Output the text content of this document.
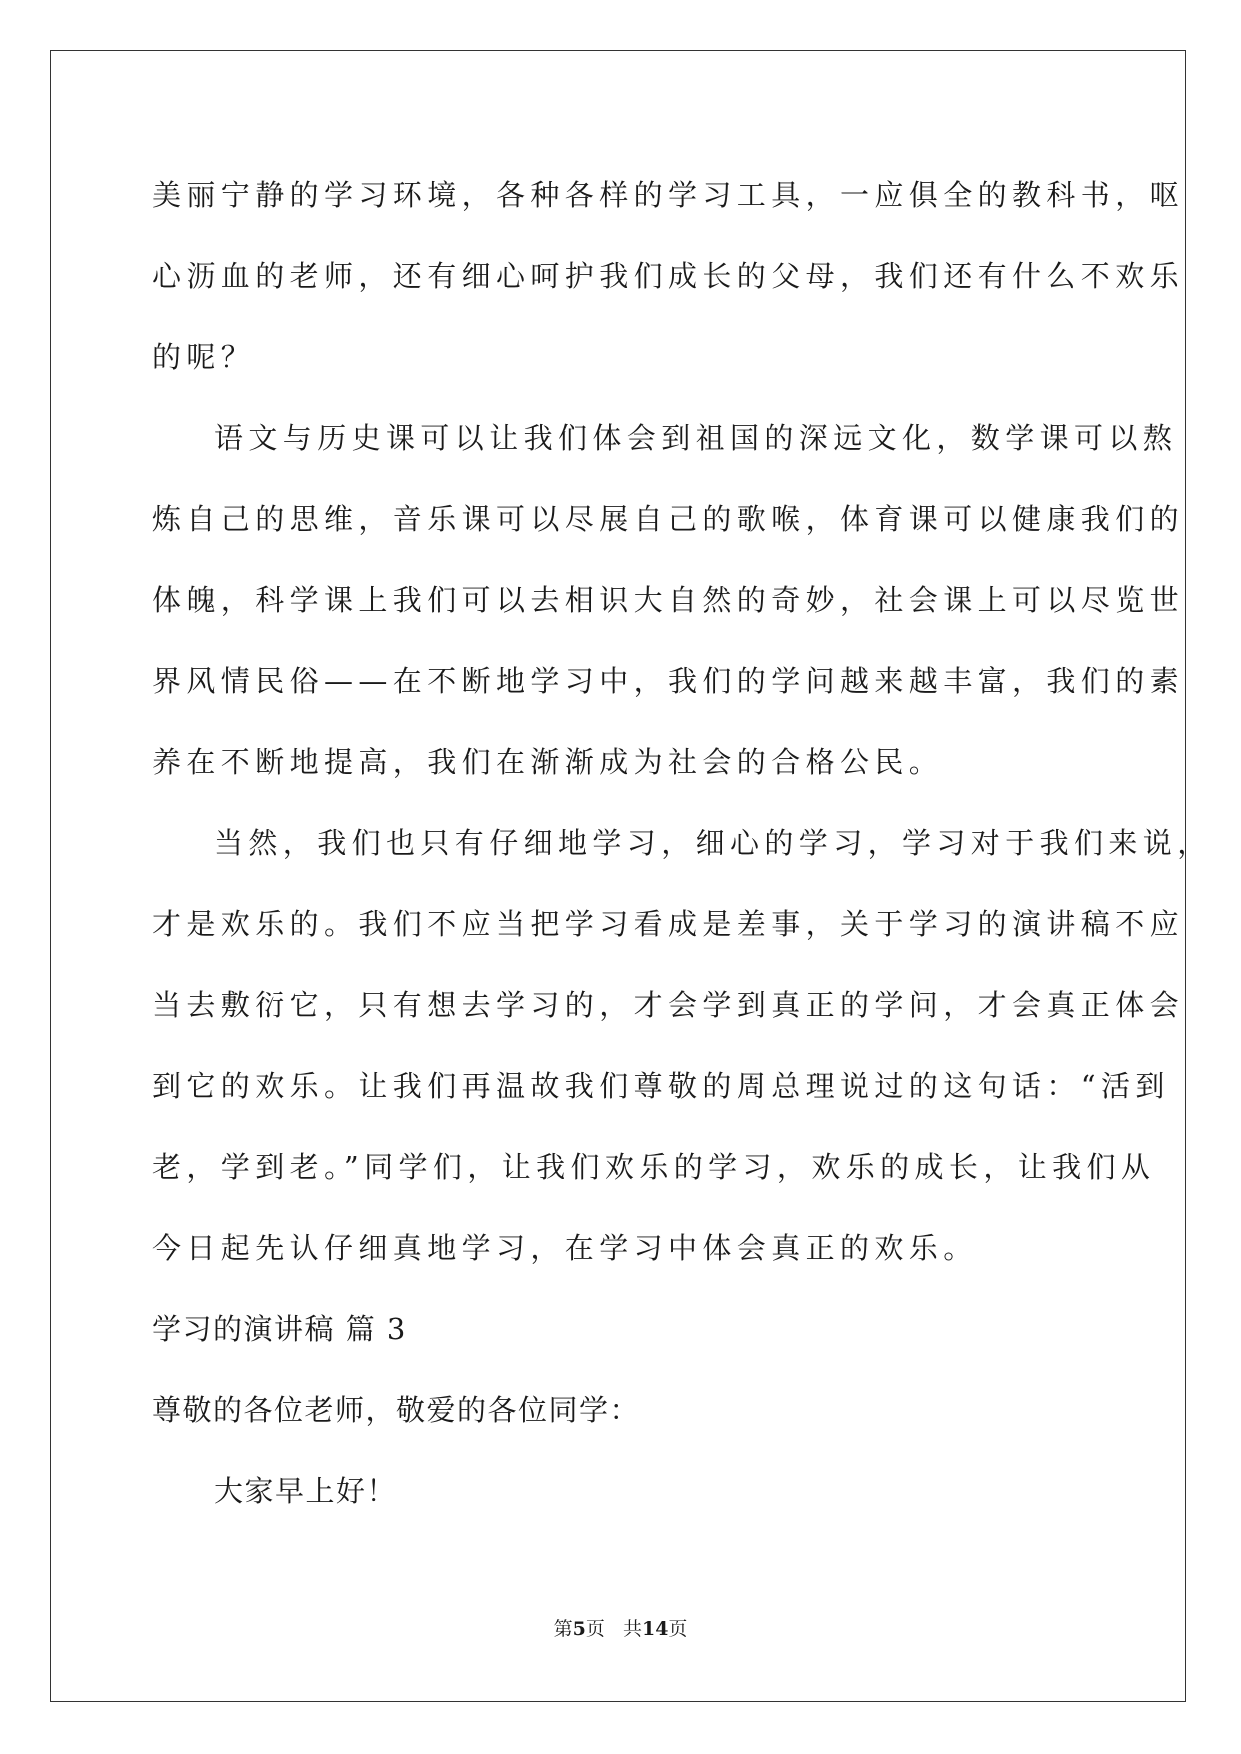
美丽宁静的学习环境，各种各样的学习工具，一应俱全的教科书，呕
心沥血的老师，还有细心呵护我们成长的父母，我们还有什么不欢乐
的呢？
语文与历史课可以让我们体会到祖国的深远文化，数学课可以熬
炼自己的思维，音乐课可以尽展自己的歌喉，体育课可以健康我们的
体魄，科学课上我们可以去相识大自然的奇妙，社会课上可以尽览世
界风情民俗——在不断地学习中，我们的学问越来越丰富，我们的素
养在不断地提高，我们在渐渐成为社会的合格公民。
当然，我们也只有仔细地学习，细心的学习，学习对于我们来说，
才是欢乐的。我们不应当把学习看成是差事，关于学习的演讲稿不应
当去敷衍它，只有想去学习的，才会学到真正的学问，才会真正体会
到它的欢乐。让我们再温故我们尊敬的周总理说过的这句话：“活到
老，学到老。”同学们，让我们欢乐的学习，欢乐的成长，让我们从
今日起先认仔细真地学习，在学习中体会真正的欢乐。
学习的演讲稿 篇 3
尊敬的各位老师，敬爱的各位同学：
大家早上好！
第5页 共14页
